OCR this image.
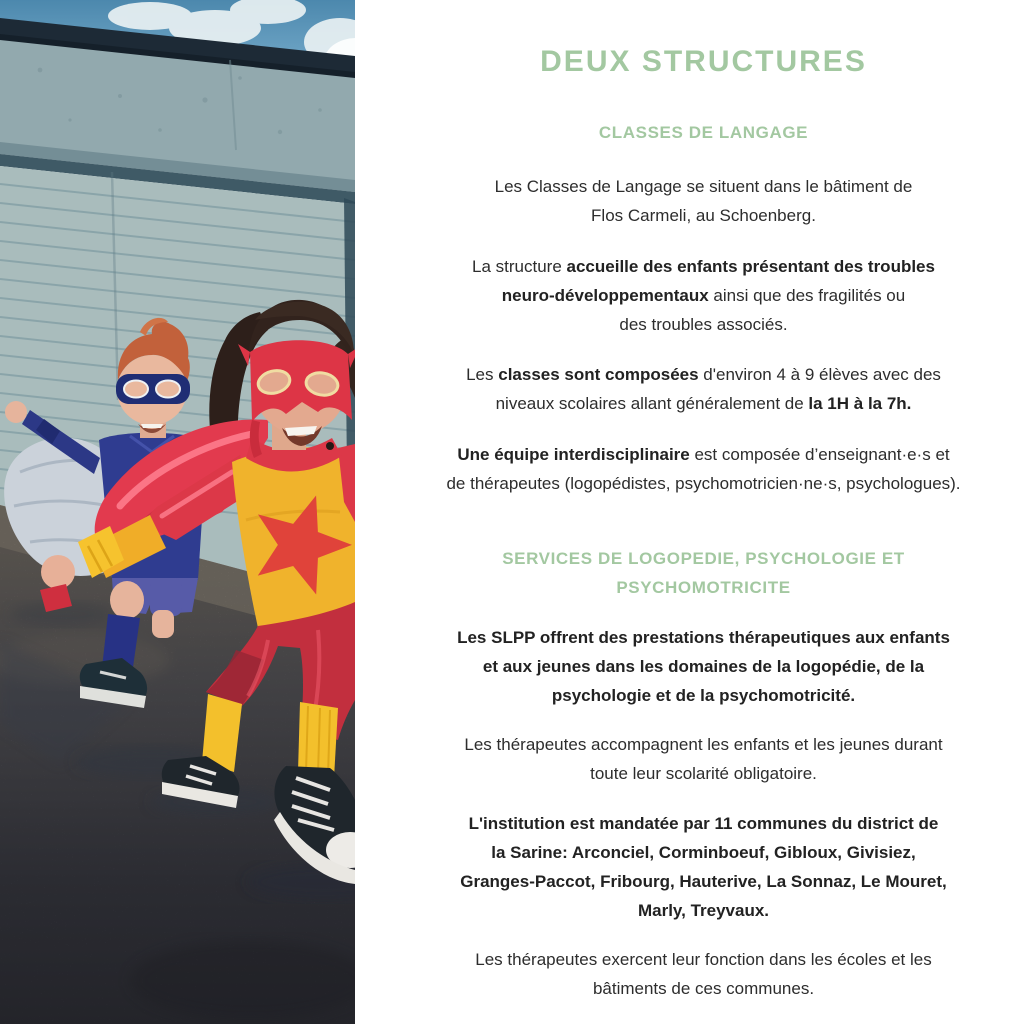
DEUX STRUCTURES
CLASSES DE LANGAGE

Les Classes de Langage se situent dans le bâtiment de
Flos Carmeli, au Schoenberg.

La structure accueille des enfants présentant des troubles
neuro-développementaux ainsi que des fragilités ou
des troubles associés.

Les classes sont composées d'environ 4 à 9 élèves avec des
niveaux scolaires allant généralement de la 1H à la 7h.

Une équipe interdisciplinaire est composée d’enseignant·e·s et
de thérapeutes (logopédistes, psychomotricien·ne·s, psychologues).

SERVICES DE LOGOPEDIE, PSYCHOLOGIE ET
PSYCHOMOTRICITE

Les SLPP offrent des prestations thérapeutiques aux enfants
et aux jeunes dans les domaines de la logopédie, de la
psychologie et de la psychomotricité.

Les thérapeutes accompagnent les enfants et les jeunes durant
toute leur scolarité obligatoire.

L'institution est mandatée par 11 communes du district de
la Sarine: Arconciel, Corminboeuf, Gibloux, Givisiez,
Granges-Paccot, Fribourg, Hauterive, La Sonnaz, Le Mouret,
Marly, Treyvaux.

Les thérapeutes exercent leur fonction dans les écoles et les
bâtiments de ces communes.
